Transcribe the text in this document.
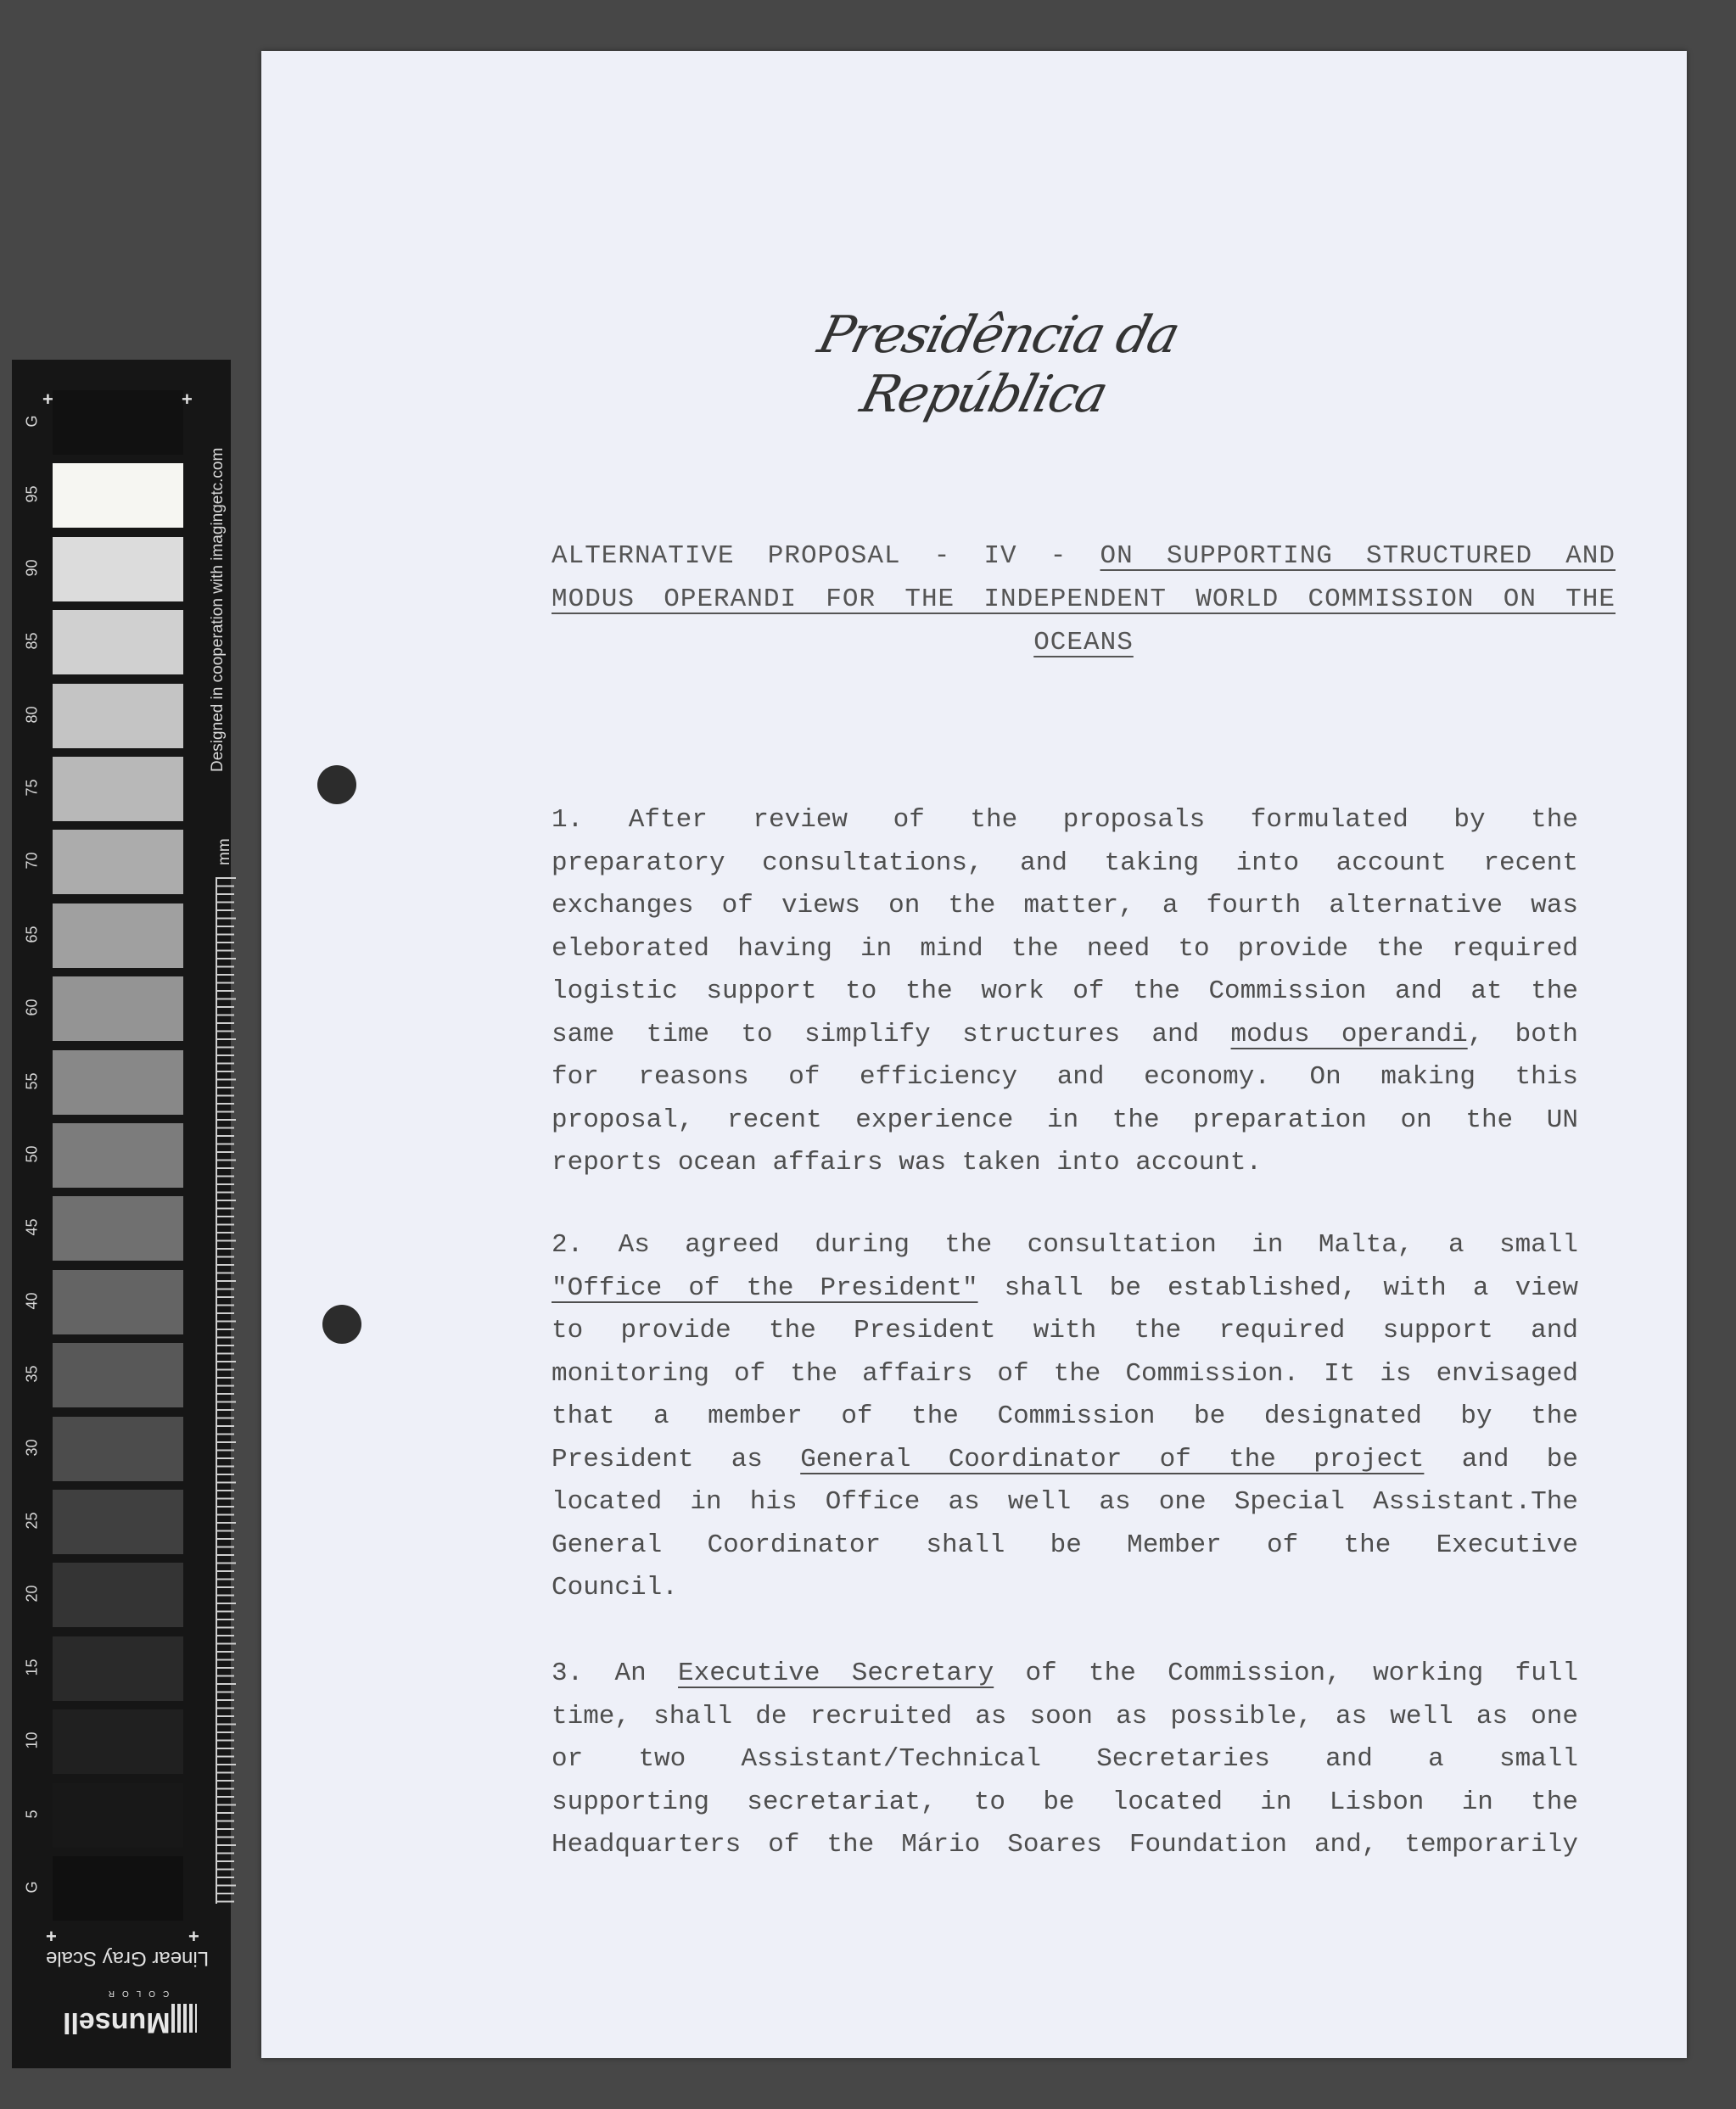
G
95
90
85
80
75
70
65
60
55
50
45
40
35
30
25
20
15
10
5
G
+	+
+	+
Designed in cooperation with imagingetc.com
mm
Linear Gray Scale
COLOR
Munsell
Presidência da República
ALTERNATIVE PROPOSAL - IV - ON SUPPORTING STRUCTURED AND
MODUS OPERANDI FOR THE INDEPENDENT WORLD COMMISSION ON THE
OCEANS
1. After review of the proposals formulated by the
preparatory consultations, and taking into account recent
exchanges of views on the matter, a fourth alternative was
eleborated having in mind the need to provide the required
logistic support to the work of the Commission and at the
same time to simplify structures and modus operandi, both
for reasons of efficiency and economy. On making this
proposal, recent experience in the preparation on the UN
reports ocean affairs was taken into account.
2. As agreed during the consultation in Malta, a small
"Office of the President" shall be established, with a view
to provide the President with the required support and
monitoring of the affairs of the Commission. It is envisaged
that a member of the Commission be designated by the
President as General Coordinator of the project and be
located in his Office as well as one Special Assistant.The
General Coordinator shall be Member of the Executive
Council.
3. An Executive Secretary of the Commission, working full
time, shall de recruited as soon as possible, as well as one
or two Assistant/Technical Secretaries and a small
supporting secretariat, to be located in Lisbon in the
Headquarters of the Mário Soares Foundation and, temporarily
